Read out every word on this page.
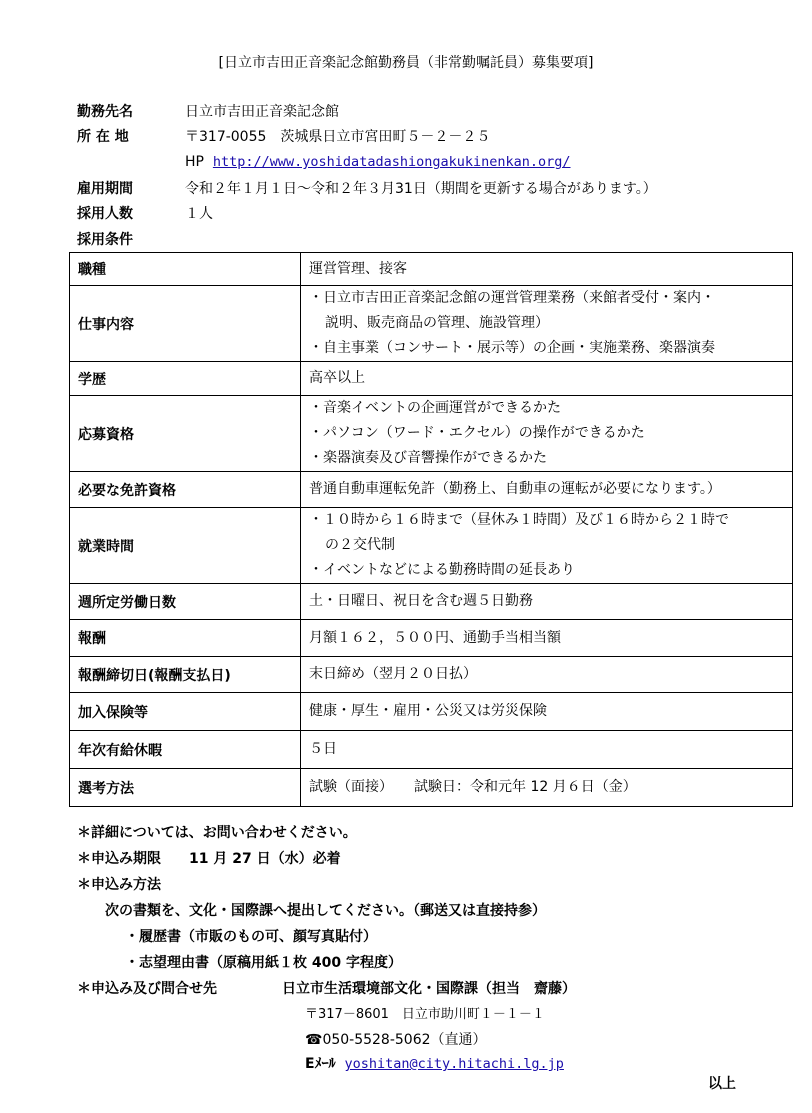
[日立市吉田正音楽記念館勤務員（非常勤嘱託員）募集要項]
勤務先名	日立市吉田正音楽記念館
所 在 地	〒317-0055　茨城県日立市宮田町５－２－２５
HP http://www.yoshidatadashiongakukinenkan.org/
雇用期間	令和２年１月１日～令和２年３月31日（期間を更新する場合があります。）
採用人数	１人
採用条件
職種	運営管理、接客

仕事内容	・日立市吉田正音楽記念館の運営管理業務（来館者受付・案内・
説明、販売商品の管理、施設管理）
・自主事業（コンサート・展示等）の企画・実施業務、楽器演奏

学歴	高卒以上

応募資格	・音楽イベントの企画運営ができるかた
・パソコン（ワード・エクセル）の操作ができるかた
・楽器演奏及び音響操作ができるかた

必要な免許資格	普通自動車運転免許（勤務上、自動車の運転が必要になります。）

就業時間	・１０時から１６時まで（昼休み１時間）及び１６時から２１時で
の２交代制
・イベントなどによる勤務時間の延長あり

週所定労働日数	土・日曜日、祝日を含む週５日勤務

報酬	月額１６２，５００円、通勤手当相当額

報酬締切日(報酬支払日)	末日締め（翌月２０日払）

加入保険等	健康・厚生・雇用・公災又は労災保険

年次有給休暇	５日

選考方法	試験（面接）　　試験日：令和元年 12 月６日（金）
＊詳細については、お問い合わせください。
＊申込み期限　　11 月 27 日（水）必着
＊申込み方法
次の書類を、文化・国際課へ提出してください。（郵送又は直接持参）
・履歴書（市販のもの可、顔写真貼付）
・志望理由書（原稿用紙１枚 400 字程度）
＊申込み及び問合せ先	日立市生活環境部文化・国際課（担当　齋藤）
〒317－8601　日立市助川町１－１－１
☎050-5528-5062（直通）
Eﾒｰﾙ yoshitan@city.hitachi.lg.jp
以上
